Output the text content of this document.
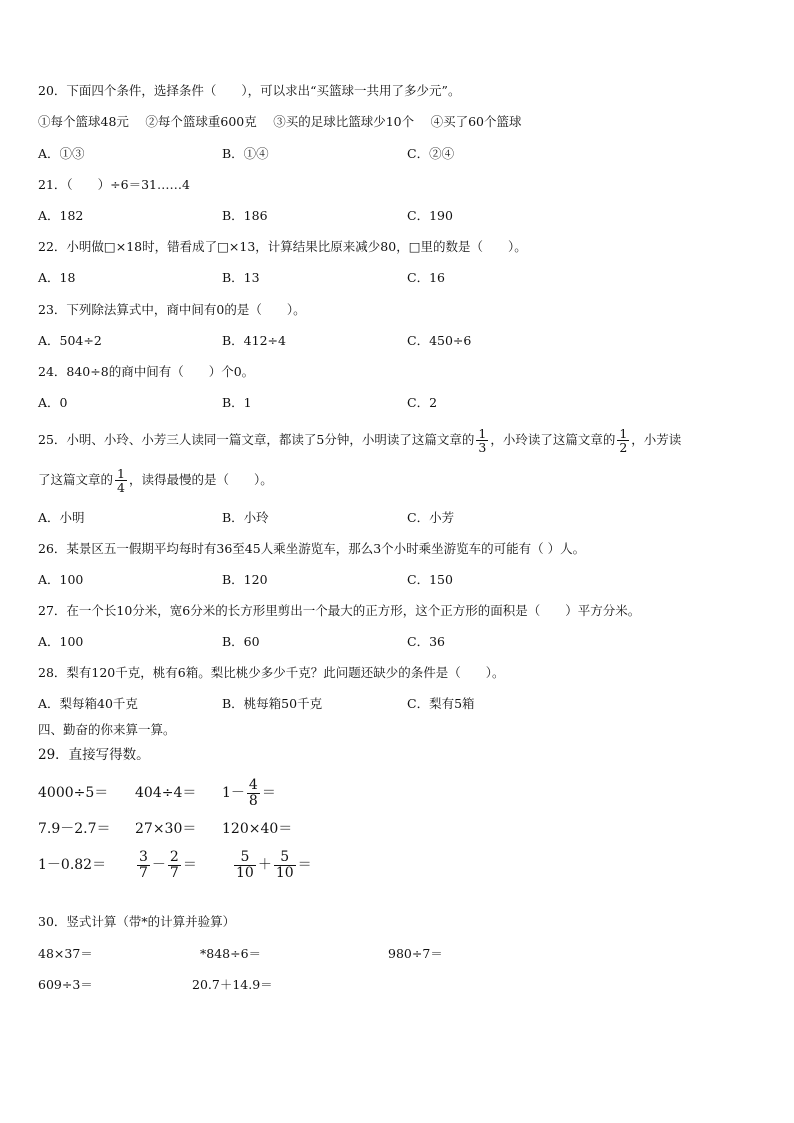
20．下面四个条件，选择条件（　　），可以求出“买篮球一共用了多少元”。
①每个篮球48元　 ②每个篮球重600克　 ③买的足球比篮球少10个　 ④买了60个篮球
A．①③	B．①④	C．②④
21．（　　）÷6＝31……4
A．182	B．186	C．190
22．小明做□×18时，错看成了□×13，计算结果比原来减少80，□里的数是（　　）。
A．18	B．13	C．16
23．下列除法算式中，商中间有0的是（　　）。
A．504÷2	B．412÷4	C．450÷6
24．840÷8的商中间有（　　）个0。
A．0	B．1	C．2
25．小明、小玲、小芳三人读同一篇文章，都读了5分钟，小明读了这篇文章的 $\frac{1}{3}$ ，小玲读了这篇文章的 $\frac{1}{2}$ ，小芳读
了这篇文章的 $\frac{1}{4}$ ，读得最慢的是（　　）。
A．小明	B．小玲	C．小芳
26．某景区五一假期平均每时有36至45人乘坐游览车，那么3个小时乘坐游览车的可能有（ ）人。
A．100	B．120	C．150
27．在一个长10分米，宽6分米的长方形里剪出一个最大的正方形，这个正方形的面积是（　　）平方分米。
A．100	B．60	C．36
28．梨有120千克，桃有6箱。梨比桃少多少千克？此问题还缺少的条件是（　　）。
A．梨每箱40千克	B．桃每箱50千克	C．梨有5箱
四、勤奋的你来算一算。
29．直接写得数。
$4000\div 5= 404\div 4= 1- \frac{4}{8}$ ＝
7.9－2.7＝ 27×30＝ 120×40＝
$1-0.82= \frac{3}{7} - \frac{2}{7}$ ＝	$\frac{5}{10} + \frac{5}{10}$ ＝
30．竖式计算（带*的计算并验算）
48×37＝	*848÷6＝	980÷7＝
609÷3＝	20.7＋14.9＝
